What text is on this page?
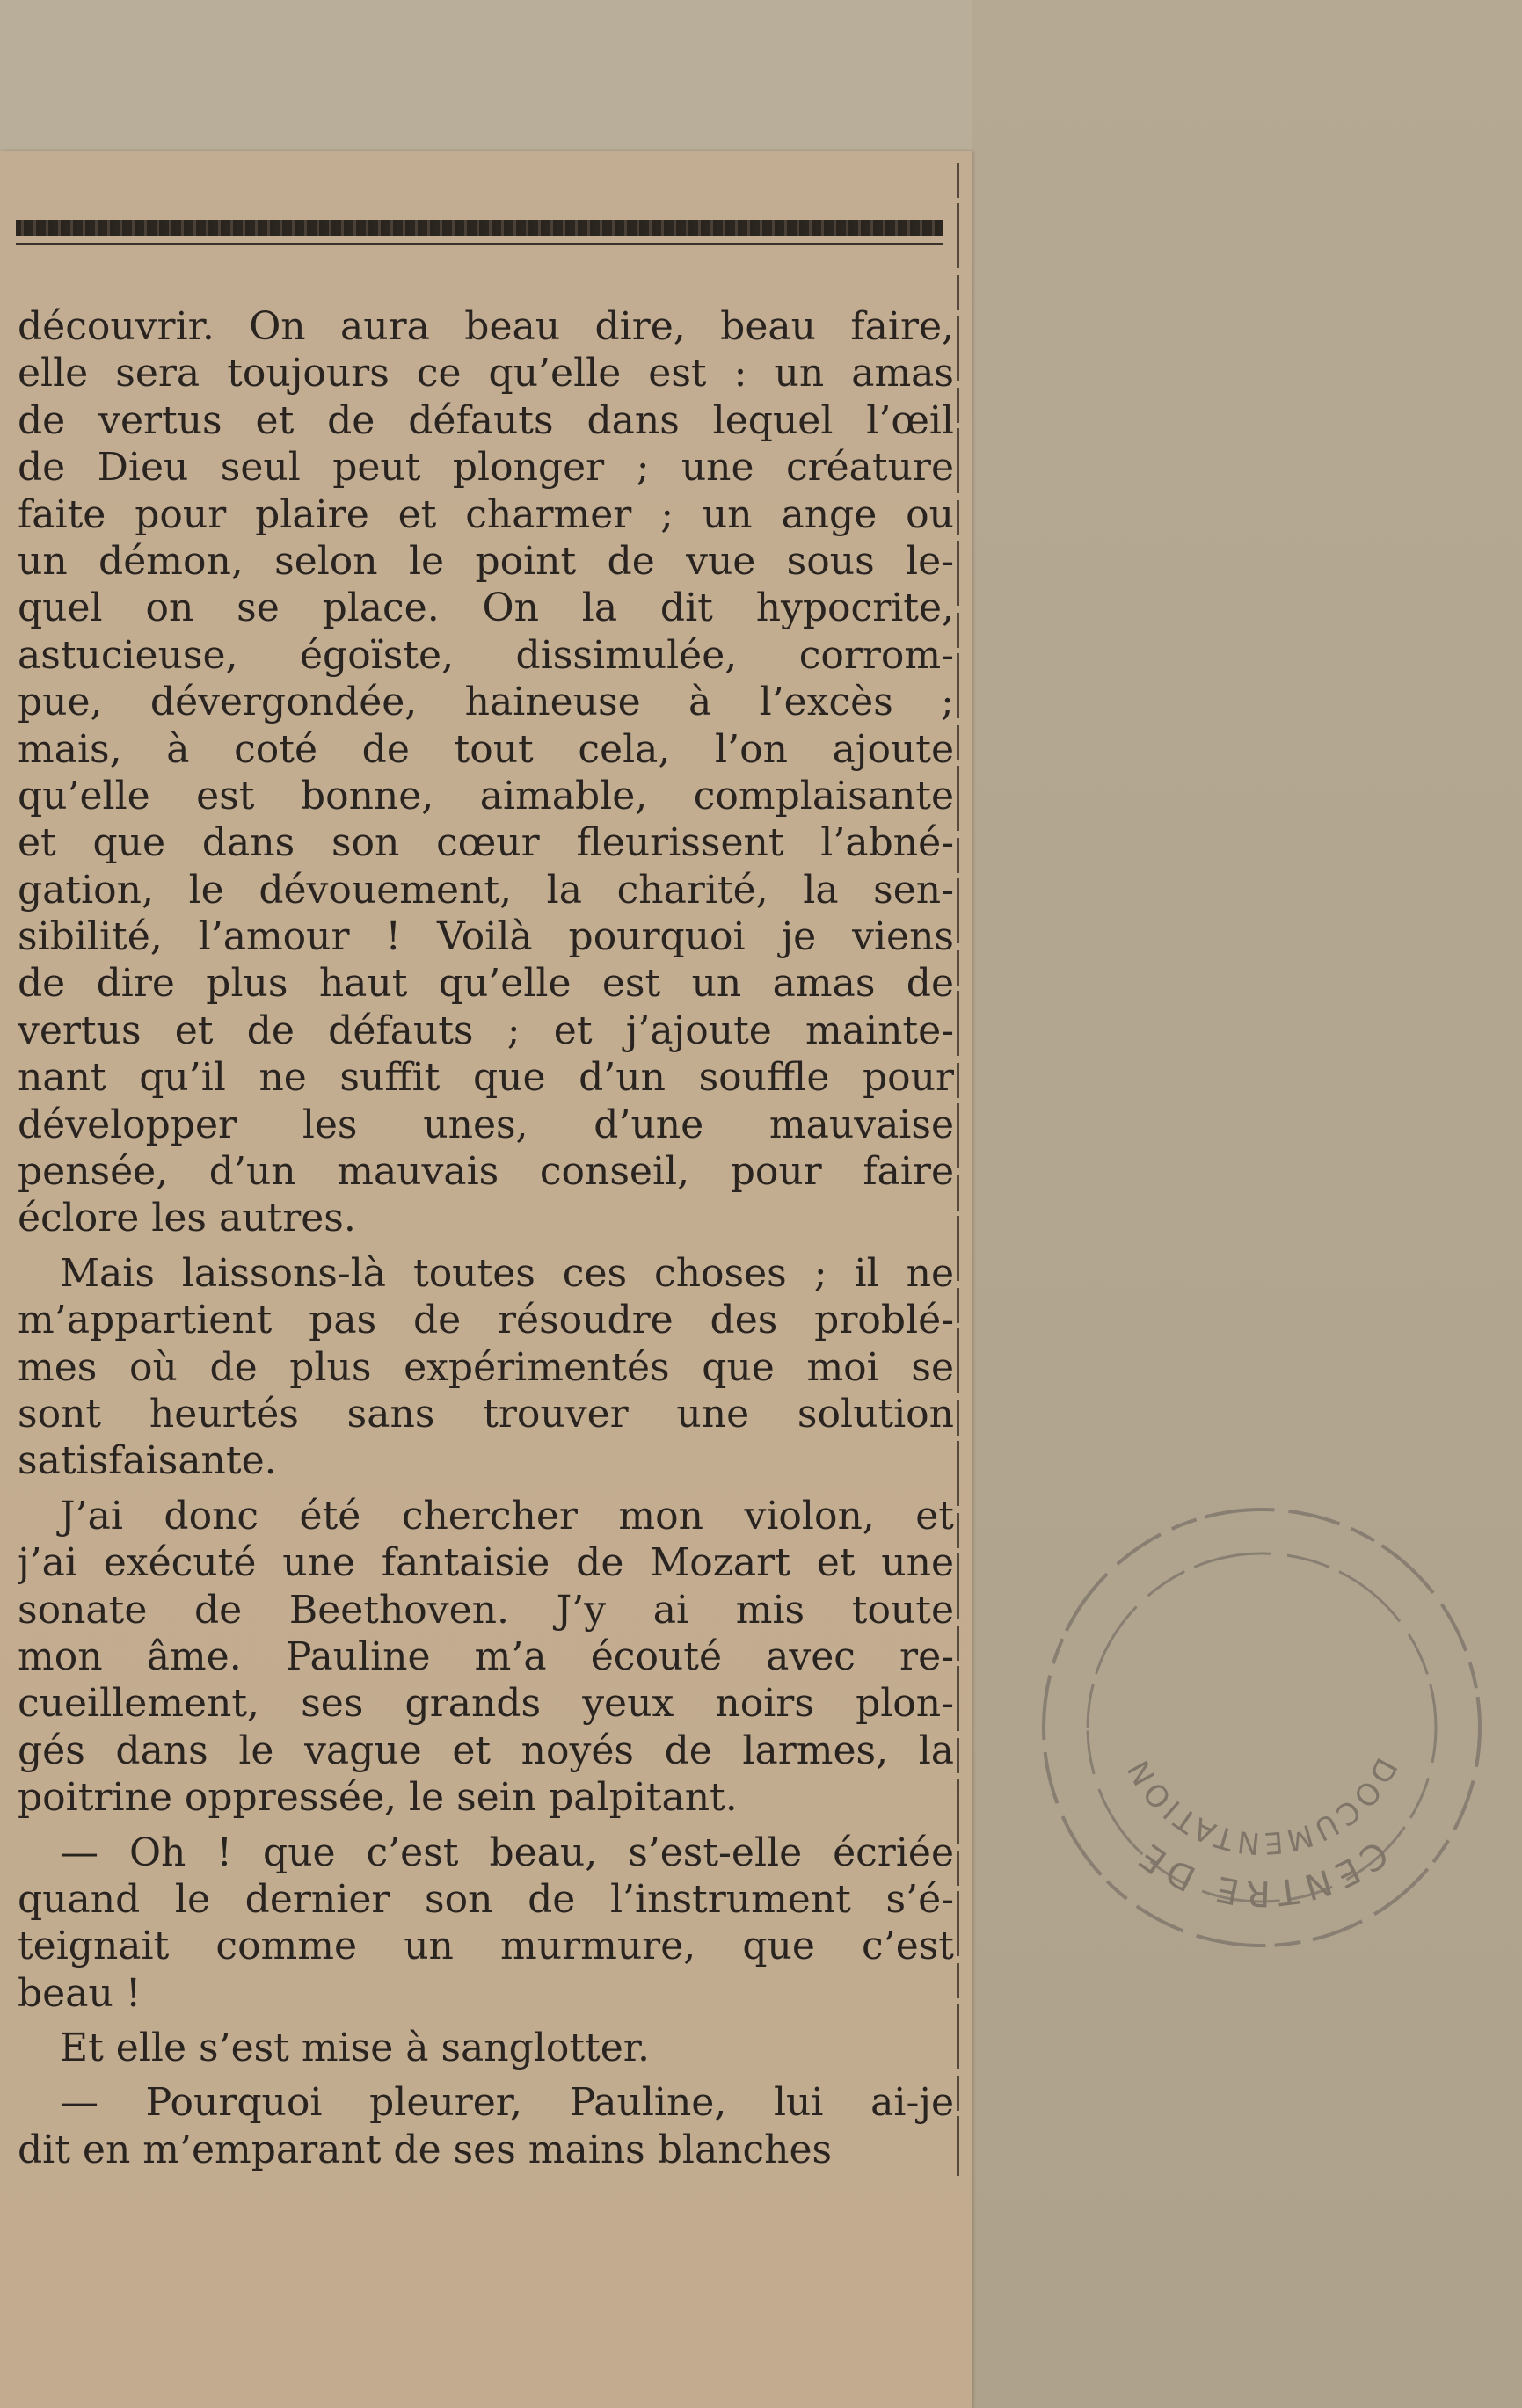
découvrir. On aura beau dire, beau faire,
elle sera toujours ce qu’elle est : un amas
de vertus et de défauts dans lequel l’œil
de Dieu seul peut plonger ; une créature
faite pour plaire et charmer ; un ange ou
un démon, selon le point de vue sous le-
quel on se place. On la dit hypocrite,
astucieuse, égoïste, dissimulée, corrom-
pue, dévergondée, haineuse à l’excès ;
mais, à coté de tout cela, l’on ajoute
qu’elle est bonne, aimable, complaisante
et que dans son cœur fleurissent l’abné-
gation, le dévouement, la charité, la sen-
sibilité, l’amour ! Voilà pourquoi je viens
de dire plus haut qu’elle est un amas de
vertus et de défauts ; et j’ajoute mainte-
nant qu’il ne suffit que d’un souffle pour
développer les unes, d’une mauvaise
pensée, d’un mauvais conseil, pour faire
éclore les autres.
Mais laissons-là toutes ces choses ; il ne
m’appartient pas de résoudre des problé-
mes où de plus expérimentés que moi se
sont heurtés sans trouver une solution
satisfaisante.
J’ai donc été chercher mon violon, et
j’ai exécuté une fantaisie de Mozart et une
sonate de Beethoven. J’y ai mis toute
mon âme. Pauline m’a écouté avec re-
cueillement, ses grands yeux noirs plon-
gés dans le vague et noyés de larmes, la
poitrine oppressée, le sein palpitant.
— Oh ! que c’est beau, s’est-elle écriée
quand le dernier son de l’instrument s’é-
teignait comme un murmure, que c’est
beau !
Et elle s’est mise à sanglotter.
— Pourquoi pleurer, Pauline, lui ai-je
dit en m’emparant de ses mains blanches
CENTRE DE
DOCUMENTATION
